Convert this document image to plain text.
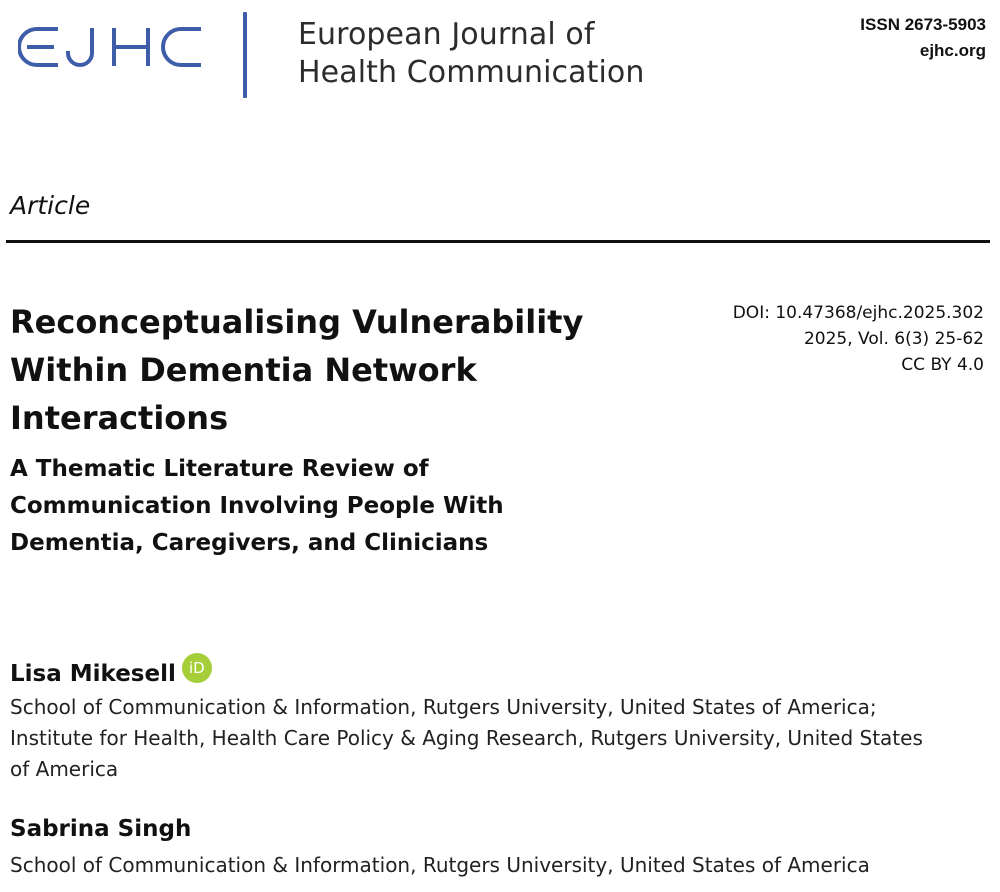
EJHC	European Journal of
Health Communication
ISSN 2673-5903
ejhc.org
Article
Reconceptualising Vulnerability
Within Dementia Network
Interactions
A Thematic Literature Review of
Communication Involving People With
Dementia, Caregivers, and Clinicians
DOI: 10.47368/ejhc.2025.302
2025, Vol. 6(3) 25-62
CC BY 4.0
Lisa Mikesell iD
School of Communication & Information, Rutgers University, United States of America;
Institute for Health, Health Care Policy & Aging Research, Rutgers University, United States
of America
Sabrina Singh
School of Communication & Information, Rutgers University, United States of America
